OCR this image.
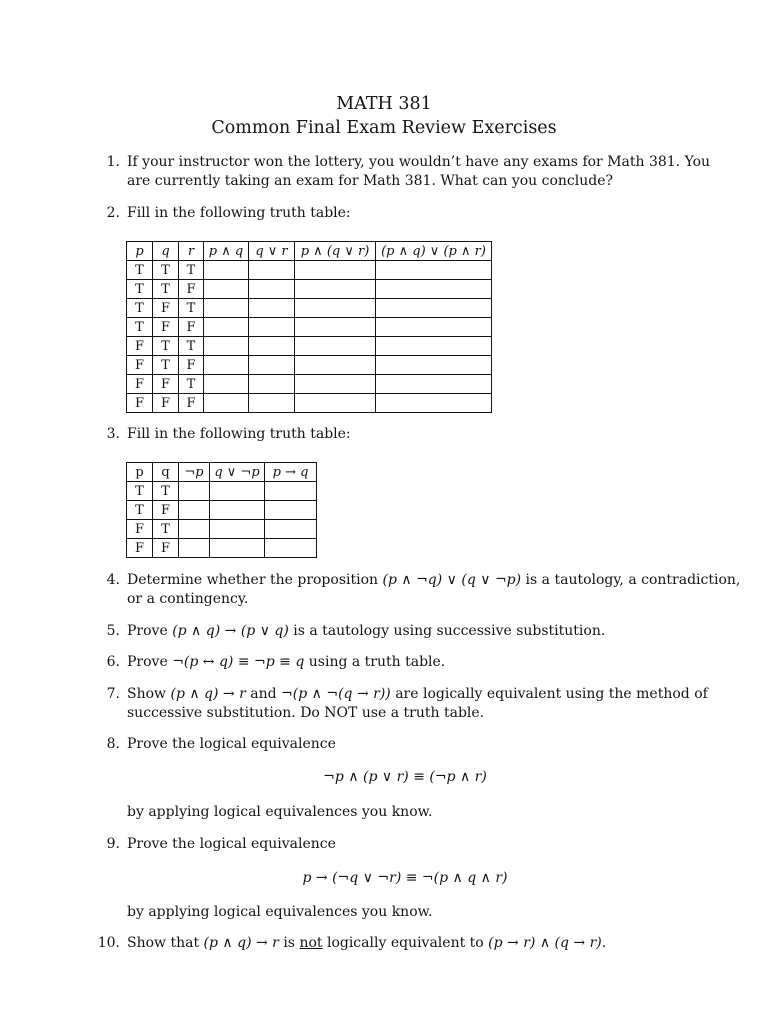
MATH 381
Common Final Exam Review Exercises
1. If your instructor won the lottery, you wouldn’t have any exams for Math 381. You
are currently taking an exam for Math 381. What can you conclude?
2. Fill in the following truth table:
p	q	r	p ∧ q	q ∨ r	p ∧ (q ∨ r)	(p ∧ q) ∨ (p ∧ r)
T	T	T				
T	T	F				
T	F	T				
T	F	F				
F	T	T				
F	T	F				
F	F	T				
F	F	F				
3. Fill in the following truth table:
p	q	¬p	q ∨ ¬p	p → q
T	T			
T	F			
F	T			
F	F			
4. Determine whether the proposition (p ∧ ¬q) ∨ (q ∨ ¬p) is a tautology, a contradiction,
or a contingency.
5. Prove (p ∧ q) → (p ∨ q) is a tautology using successive substitution.
6. Prove ¬(p ↔ q) ≡ ¬p ≡ q using a truth table.
7. Show (p ∧ q) → r and ¬(p ∧ ¬(q → r)) are logically equivalent using the method of
successive substitution. Do NOT use a truth table.
8. Prove the logical equivalence
¬p ∧ (p ∨ r) ≡ (¬p ∧ r)
by applying logical equivalences you know.
9. Prove the logical equivalence
p → (¬q ∨ ¬r) ≡ ¬(p ∧ q ∧ r)
by applying logical equivalences you know.
10. Show that (p ∧ q) → r is not logically equivalent to (p → r) ∧ (q → r).
